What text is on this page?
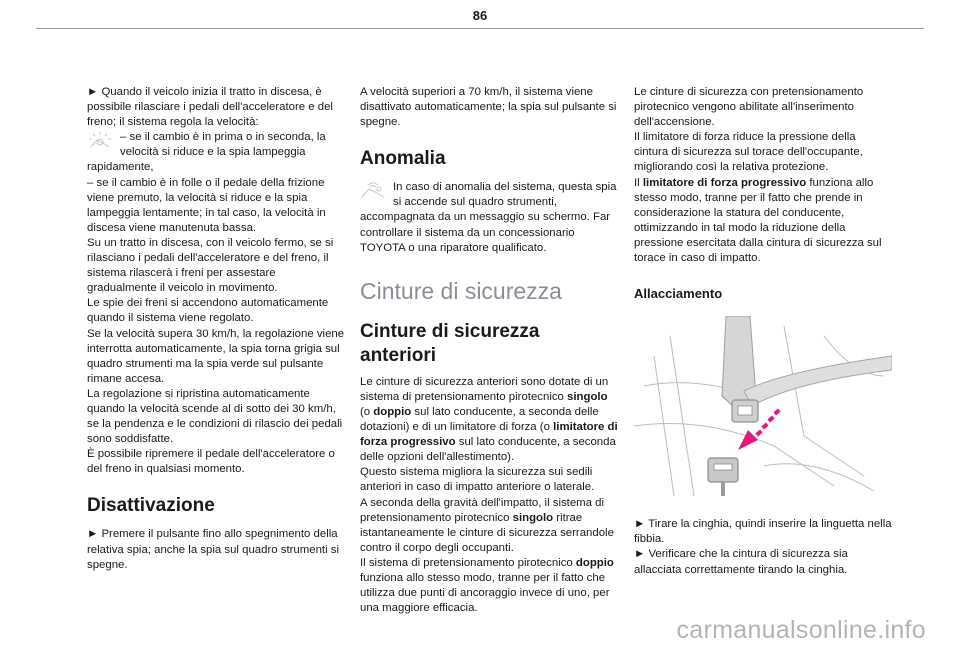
86

► Quando il veicolo inizia il tratto in discesa, è possibile rilasciare i pedali dell'acceleratore e del freno; il sistema regola la velocità:

– se il cambio è in prima o in seconda, la velocità si riduce e la spia lampeggia

rapidamente,

– se il cambio è in folle o il pedale della frizione viene premuto, la velocità si riduce e la spia lampeggia lentamente; in tal caso, la velocità in discesa viene manutenuta bassa.

Su un tratto in discesa, con il veicolo fermo, se si rilasciano i pedali dell'acceleratore e del freno, il sistema rilascerà i freni per assestare gradualmente il veicolo in movimento.

Le spie dei freni si accendono automaticamente quando il sistema viene regolato.

Se la velocità supera 30 km/h, la regolazione viene interrotta automaticamente, la spia torna grigia sul quadro strumenti ma la spia verde sul pulsante rimane accesa.

La regolazione si ripristina automaticamente quando la velocità scende al di sotto dei 30 km/h, se la pendenza e le condizioni di rilascio dei pedali sono soddisfatte.

È possibile ripremere il pedale dell'acceleratore o del freno in qualsiasi momento.

Disattivazione

► Premere il pulsante fino allo spegnimento della relativa spia; anche la spia sul quadro strumenti si spegne.

A velocità superiori a 70 km/h, il sistema viene disattivato automaticamente; la spia sul pulsante si spegne.

Anomalia

In caso di anomalia del sistema, questa spia si accende sul quadro strumenti,

accompagnata da un messaggio su schermo. Far controllare il sistema da un concessionario TOYOTA o una riparatore qualificato.

Cinture di sicurezza
Cinture di sicurezza anteriori

Le cinture di sicurezza anteriori sono dotate di un sistema di pretensionamento pirotecnico singolo (o doppio sul lato conducente, a seconda delle dotazioni) e di un limitatore di forza (o limitatore di forza progressivo sul lato conducente, a seconda delle opzioni dell'allestimento).

Questo sistema migliora la sicurezza sui sedili anteriori in caso di impatto anteriore o laterale.

A seconda della gravità dell'impatto, il sistema di pretensionamento pirotecnico singolo ritrae istantaneamente le cinture di sicurezza serrandole contro il corpo degli occupanti.

Il sistema di pretensionamento pirotecnico doppio funziona allo stesso modo, tranne per il fatto che utilizza due punti di ancoraggio invece di uno, per una maggiore efficacia.

Le cinture di sicurezza con pretensionamento pirotecnico vengono abilitate all'inserimento dell'accensione.

Il limitatore di forza riduce la pressione della cintura di sicurezza sul torace dell'occupante, migliorando così la relativa protezione.

Il limitatore di forza progressivo funziona allo stesso modo, tranne per il fatto che prende in considerazione la statura del conducente, ottimizzando in tal modo la riduzione della pressione esercitata dalla cintura di sicurezza sul torace in caso di impatto.

Allacciamento

► Tirare la cinghia, quindi inserire la linguetta nella fibbia.

► Verificare che la cintura di sicurezza sia allacciata correttamente tirando la cinghia.

carmanualsonline.info
